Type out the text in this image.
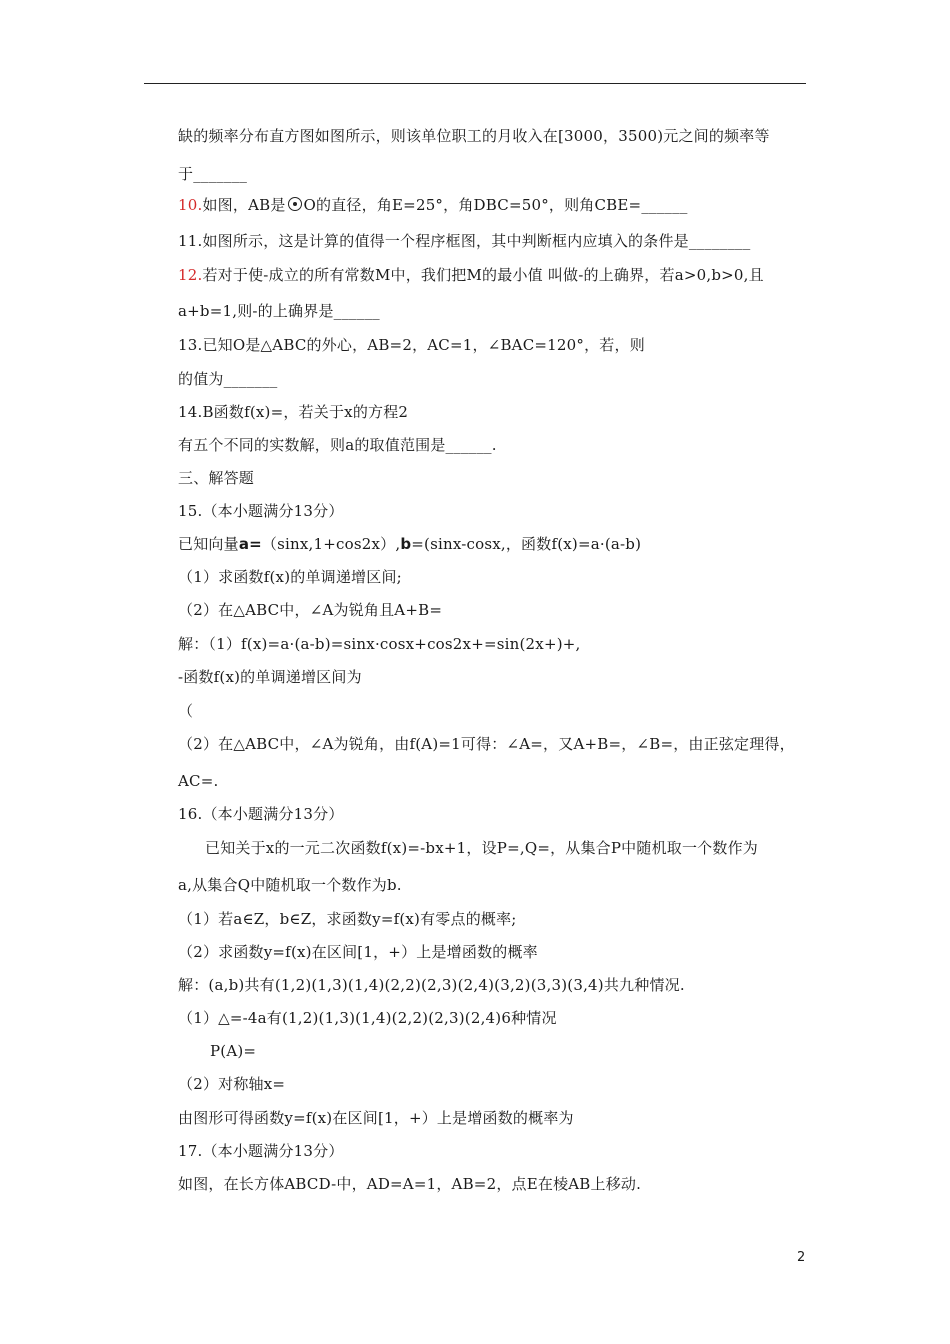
缺的频率分布直方图如图所示，则该单位职工的月收入在[3000，3500)元之间的频率等
于_______
10.如图，AB是 O的直径，角E=25°，角DBC=50°，则角CBE=______
11.如图所示，这是计算的值得一个程序框图，其中判断框内应填入的条件是________
12.若对于使-成立的所有常数M中，我们把M的最小值 叫做-的上确界，若a>0,b>0,且
a+b=1,则-的上确界是______
13.已知O是△ABC的外心，AB=2，AC=1，∠BAC=120°，若，则
的值为_______
14.B函数f(x)=，若关于x的方程2
有五个不同的实数解，则a的取值范围是______.
三、解答题
15.（本小题满分13分）
已知向量a=（sinx,1+cos2x）,b=(sinx-cosx,，函数f(x)=a·(a-b)
（1）求函数f(x)的单调递增区间;
（2）在△ABC中，∠A为锐角且A+B=
解：（1）f(x)=a·(a-b)=sinx·cosx+cos2x+=sin(2x+)+,
-函数f(x)的单调递增区间为
（
（2）在△ABC中，∠A为锐角，由f(A)=1可得：∠A=，又A+B=，∠B=，由正弦定理得，
AC=.
16.（本小题满分13分）
已知关于x的一元二次函数f(x)=-bx+1，设P=,Q=，从集合P中随机取一个数作为
a,从集合Q中随机取一个数作为b.
（1）若a∈Z，b∈Z，求函数y=f(x)有零点的概率;
（2）求函数y=f(x)在区间[1，+）上是增函数的概率
解：(a,b)共有(1,2)(1,3)(1,4)(2,2)(2,3)(2,4)(3,2)(3,3)(3,4)共九种情况.
（1）△=-4a有(1,2)(1,3)(1,4)(2,2)(2,3)(2,4)6种情况
P(A)=
（2）对称轴x=
由图形可得函数y=f(x)在区间[1，+）上是增函数的概率为
17.（本小题满分13分）
如图，在长方体ABCD-中，AD=A=1，AB=2，点E在棱AB上移动.
2
